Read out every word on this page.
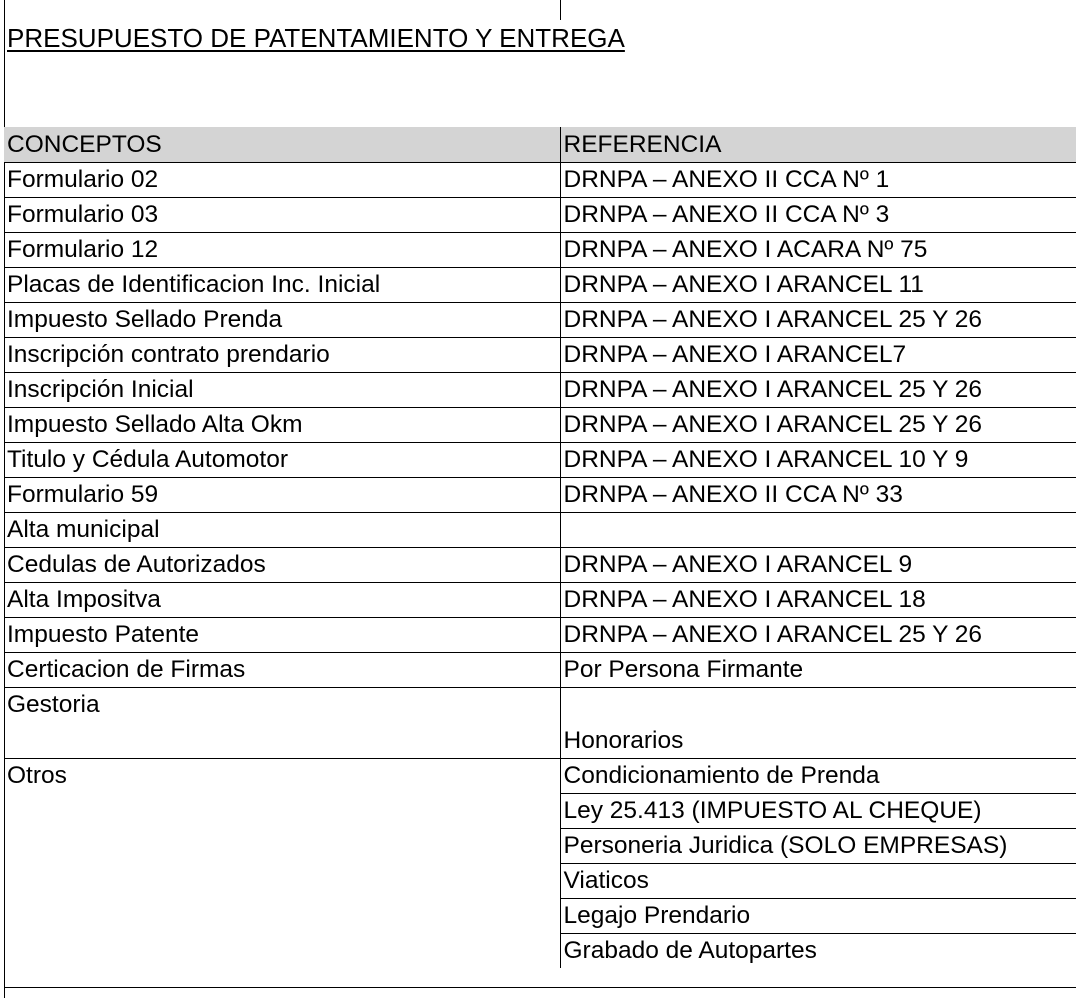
PRESUPUESTO DE PATENTAMIENTO Y ENTREGA
CONCEPTOS	REFERENCIA
Formulario 02	DRNPA – ANEXO II CCA Nº 1
Formulario 03	DRNPA – ANEXO II CCA Nº 3
Formulario 12	DRNPA – ANEXO I ACARA Nº 75
Placas de Identificacion Inc. Inicial	DRNPA – ANEXO I ARANCEL 11
Impuesto Sellado Prenda	DRNPA – ANEXO I ARANCEL 25 Y 26
Inscripción contrato prendario	DRNPA – ANEXO I ARANCEL7
Inscripción Inicial	DRNPA – ANEXO I ARANCEL 25 Y 26
Impuesto Sellado Alta Okm	DRNPA – ANEXO I ARANCEL 25 Y 26
Titulo y Cédula Automotor	DRNPA – ANEXO I ARANCEL 10 Y 9
Formulario 59	DRNPA – ANEXO II CCA Nº 33
Alta municipal	
Cedulas de Autorizados	DRNPA – ANEXO I ARANCEL 9
Alta Impositva	DRNPA – ANEXO I ARANCEL 18
Impuesto Patente	DRNPA – ANEXO I ARANCEL 25 Y 26
Certicacion de Firmas	Por Persona Firmante
Gestoria	Honorarios
Otros	Condicionamiento de Prenda
	Ley 25.413 (IMPUESTO AL CHEQUE)
	Personeria Juridica (SOLO EMPRESAS)
	Viaticos
	Legajo Prendario
	Grabado de Autopartes
